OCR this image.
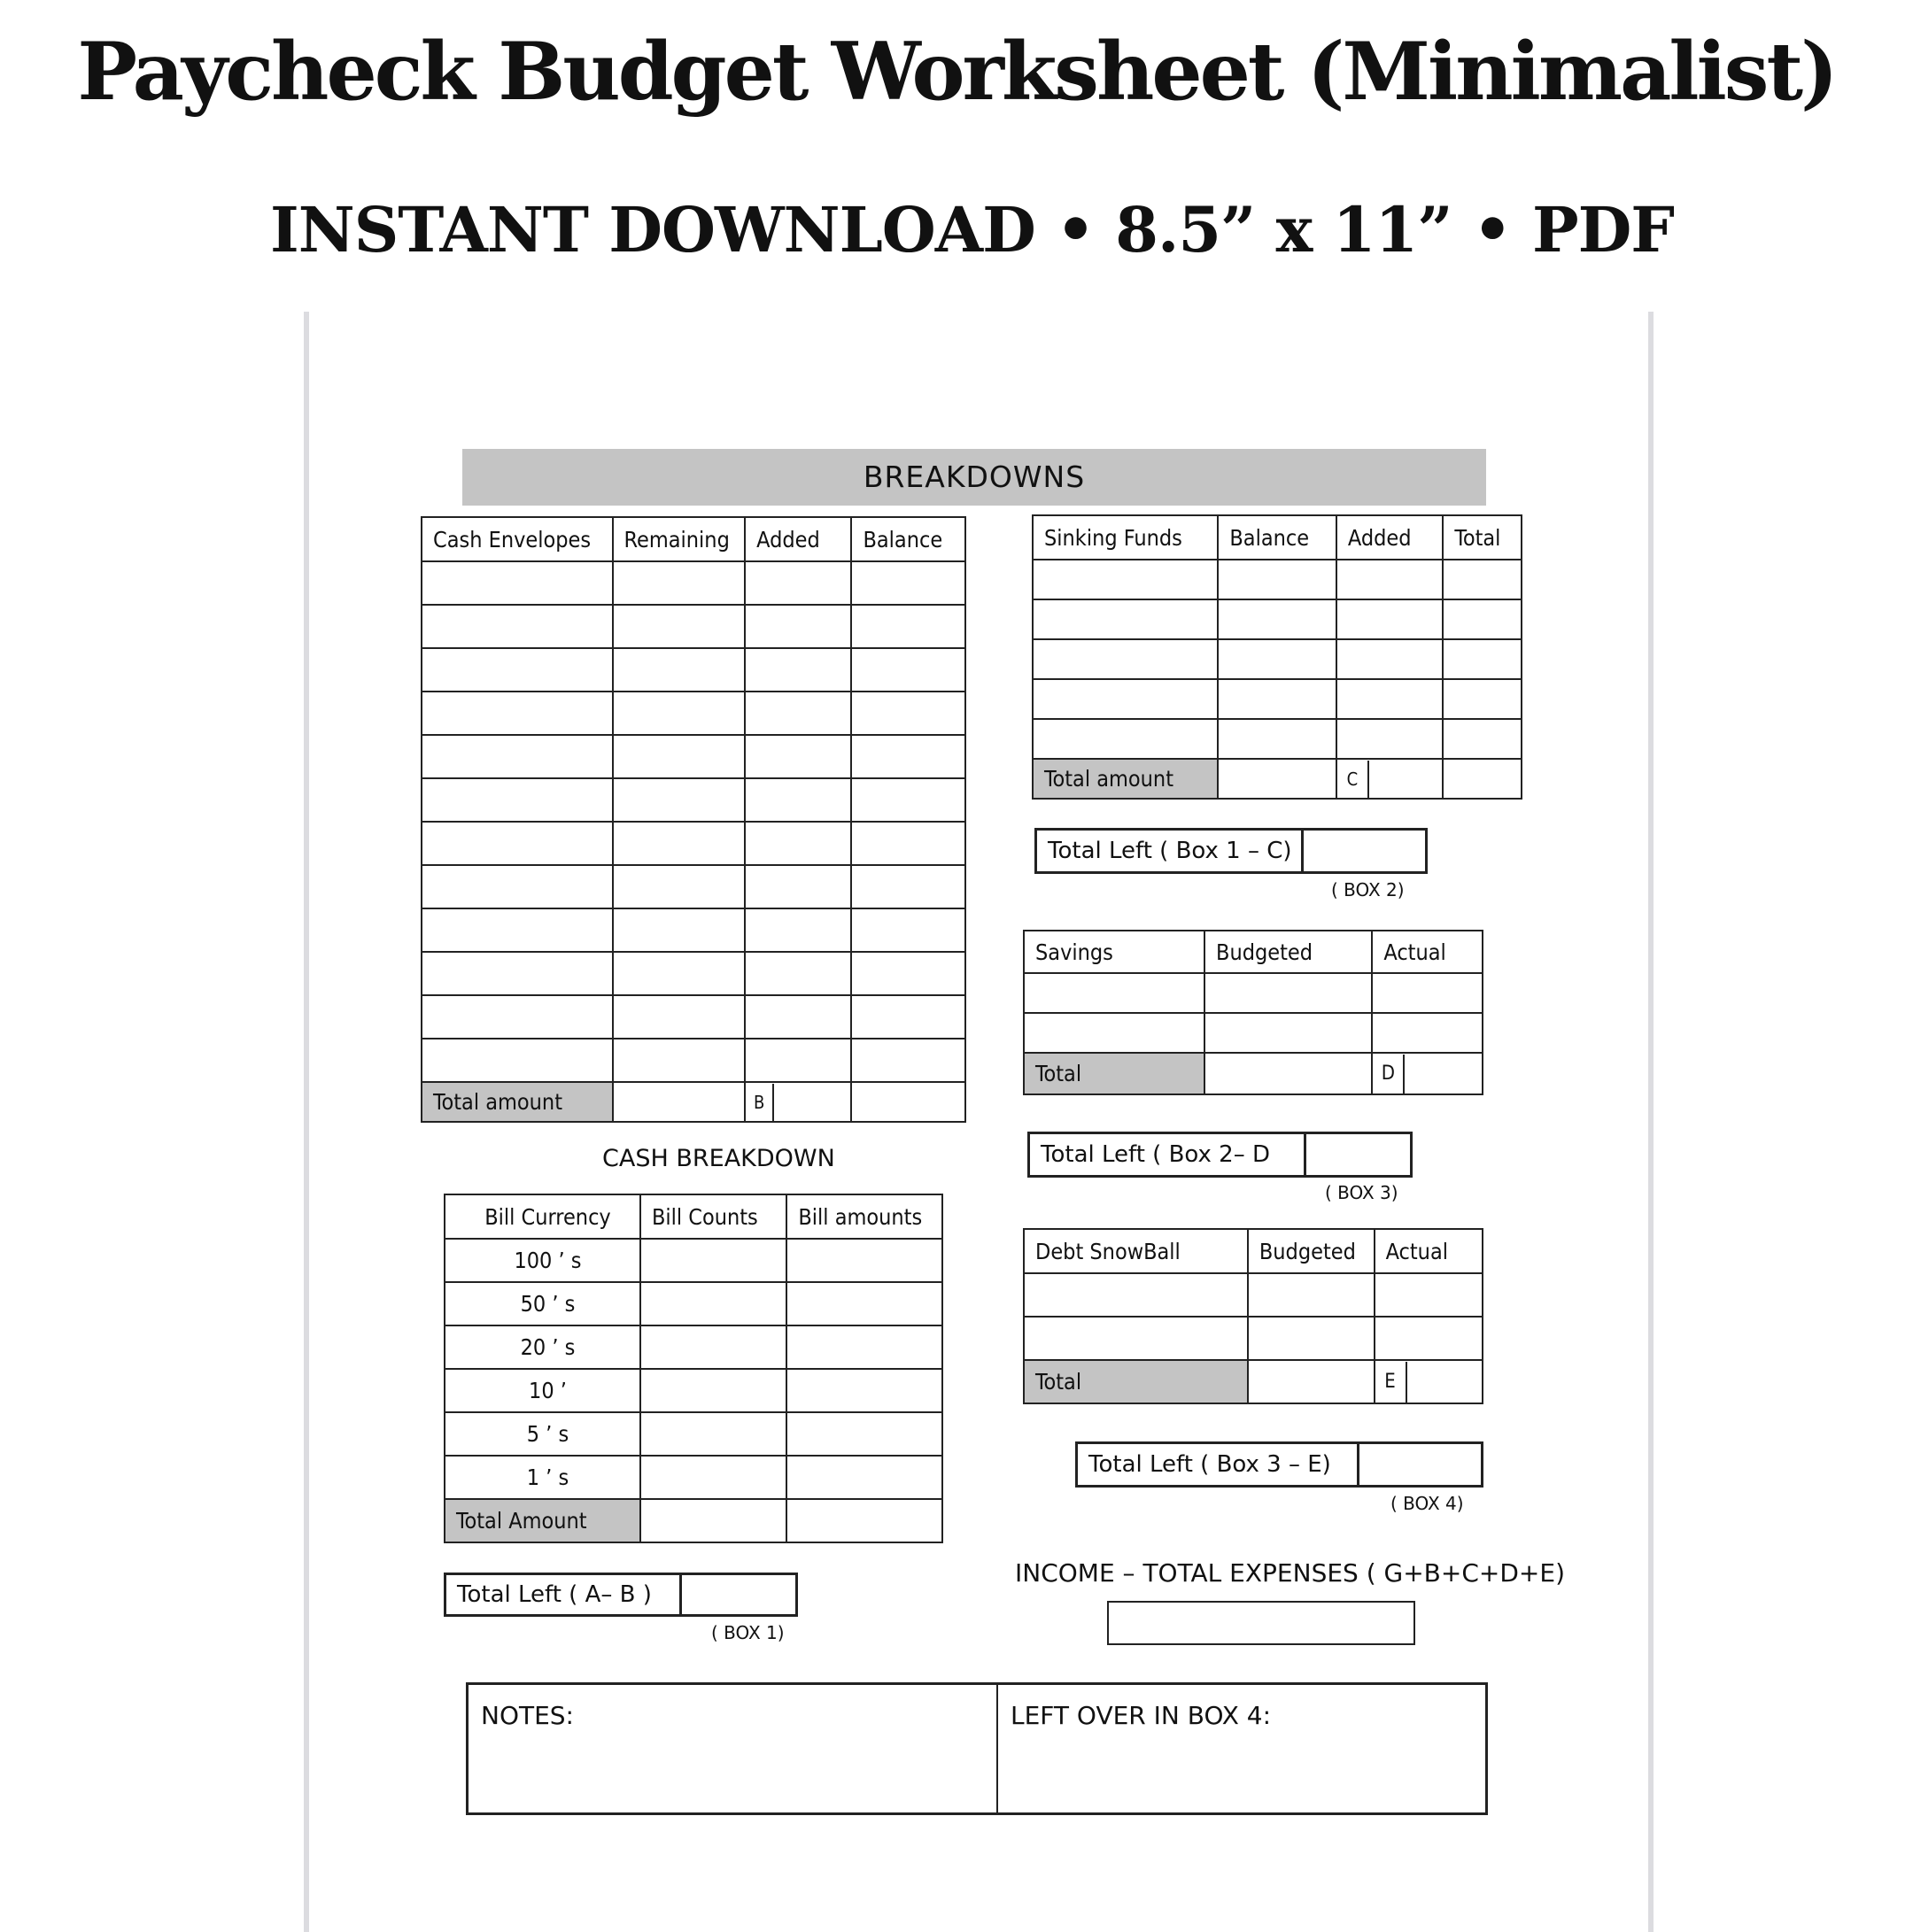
Paycheck Budget Worksheet (Minimalist)
INSTANT DOWNLOAD • 8.5” x 11” • PDF
BREAKDOWNS
Cash Envelopes	Remaining	Added	Balance

Total amount		B	
CASH BREAKDOWN
Bill Currency	Bill Counts	Bill amounts
100 ’ s		
50 ’ s		
20 ’ s		
10 ’		
5 ’ s		
1 ’ s		
Total Amount		
Total Left ( A– B )
( BOX 1)
Sinking Funds	Balance	Added	Total

Total amount		C	
Total Left ( Box 1 – C)
( BOX 2)
Savings	Budgeted	Actual

Total		D
Total Left ( Box 2– D
( BOX 3)
Debt SnowBall	Budgeted	Actual

Total		E
Total Left ( Box 3 – E)
( BOX 4)
INCOME – TOTAL EXPENSES ( G+B+C+D+E)
NOTES:	LEFT OVER IN BOX 4:
